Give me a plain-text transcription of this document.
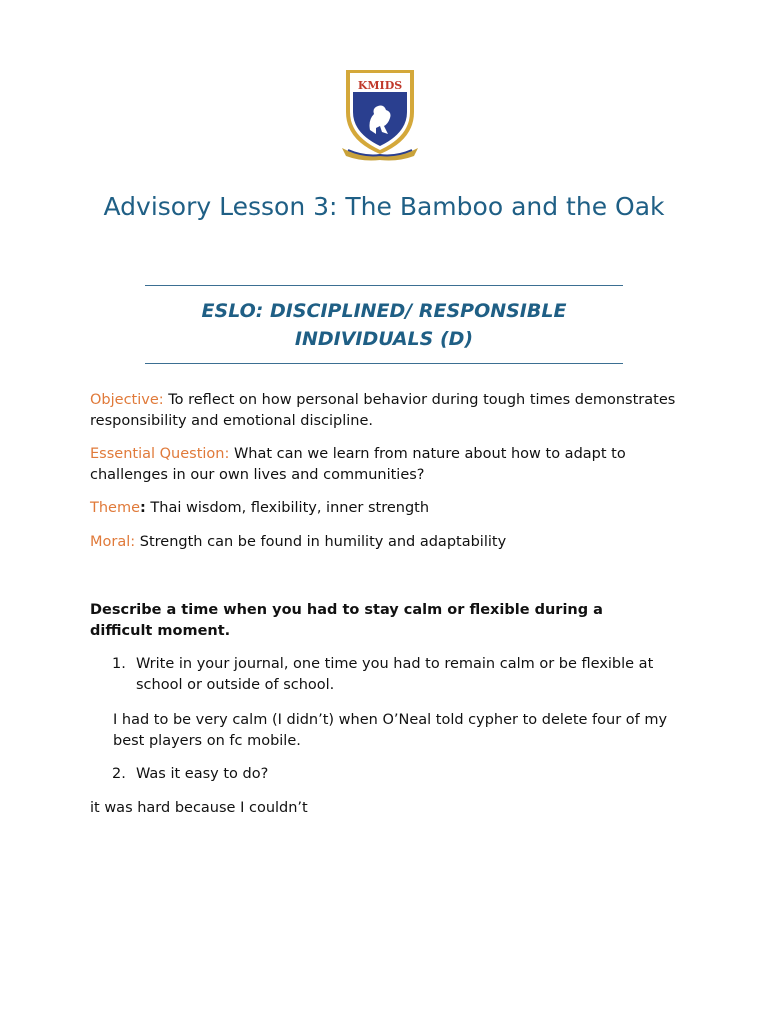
KMIDS
Advisory Lesson 3: The Bamboo and the Oak
ESLO: DISCIPLINED/ RESPONSIBLE INDIVIDUALS (D)

Objective: To reflect on how personal behavior during tough times demonstrates responsibility and emotional discipline.

Essential Question: What can we learn from nature about how to adapt to challenges in our own lives and communities?

Theme: Thai wisdom, flexibility, inner strength

Moral: Strength can be found in humility and adaptability

Describe a time when you had to stay calm or flexible during a difficult moment.

1. Write in your journal, one time you had to remain calm or be flexible at school or outside of school.

I had to be very calm (I didn’t) when O’Neal told cypher to delete four of my best players on fc mobile.

2. Was it easy to do?

it was hard because I couldn’t
